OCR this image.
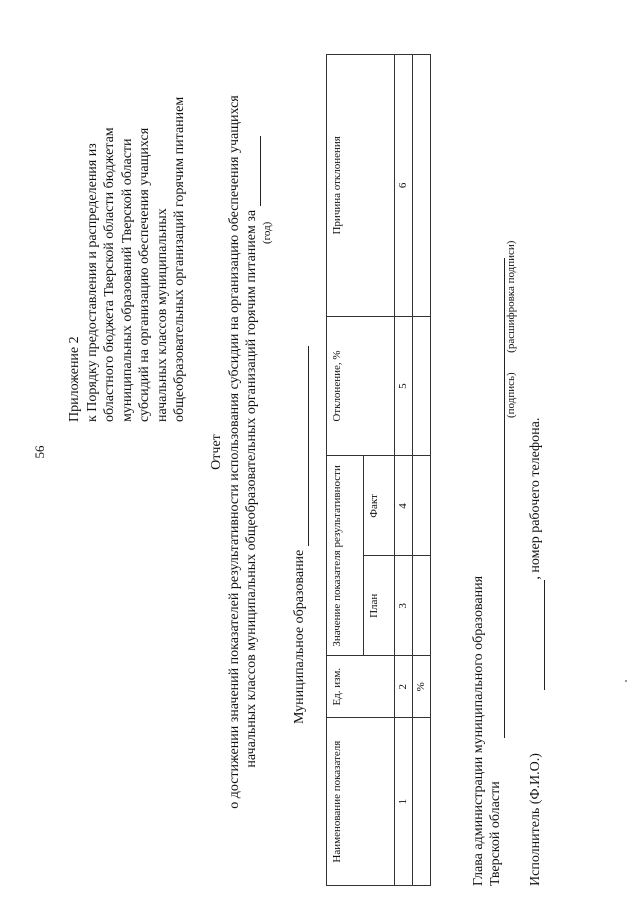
56
Приложение 2 к Порядку предоставления и распределения из областного бюджета Тверской области бюджетам муниципальных образований Тверской области субсидий на организацию обеспечения учащихся начальных классов муниципальных общеобразовательных организаций горячим питанием
Отчет о достижении значений показателей результативности использования субсидии на организацию обеспечения учащихся начальных классов муниципальных общеобразовательных организаций горячим питанием за (год)
Муниципальное образование
Наименование показателя	Ед. изм.	Значение показателя результативности		Отклонение, %	Причина отклонения
		План	Факт		
1	2	3	4	5	6
	%					Глава администрации муниципального образования Тверской области
(подпись)  (расшифровка подписи)
Исполнитель (Ф.И.О.)  , номер рабочего телефона.
